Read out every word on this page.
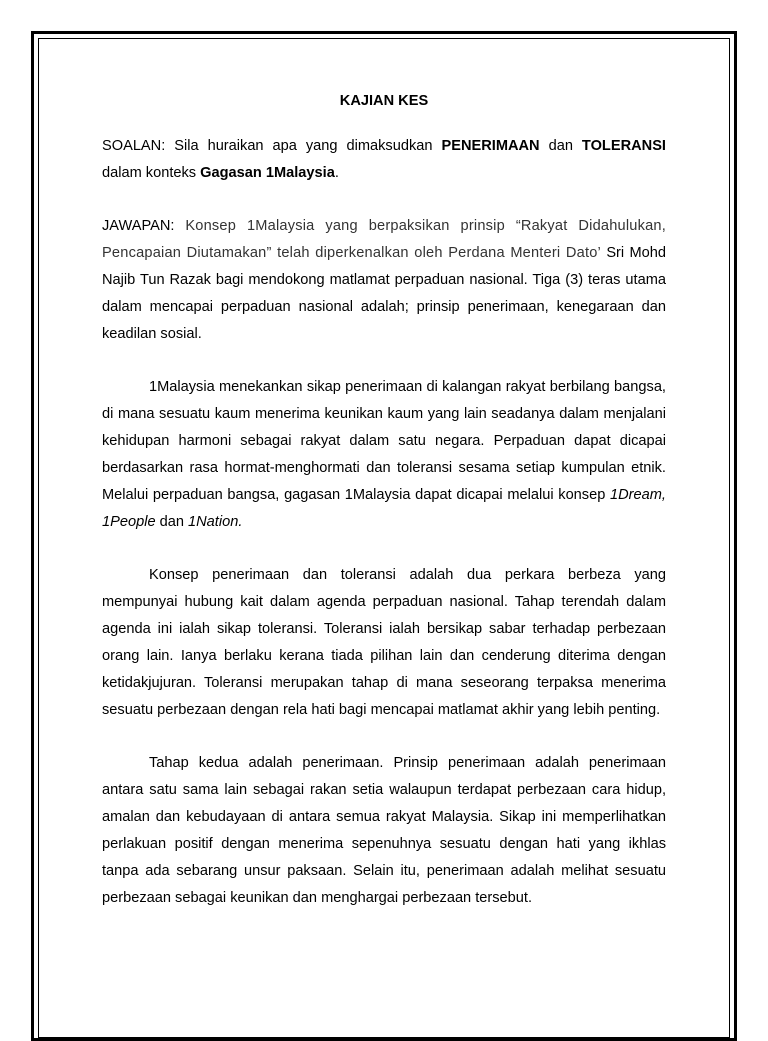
KAJIAN KES

SOALAN: Sila huraikan apa yang dimaksudkan PENERIMAAN dan TOLERANSI dalam konteks Gagasan 1Malaysia.

JAWAPAN: Konsep 1Malaysia yang berpaksikan prinsip “Rakyat Didahulukan, Pencapaian Diutamakan” telah diperkenalkan oleh Perdana Menteri Dato’ Sri Mohd Najib Tun Razak bagi mendokong matlamat perpaduan nasional. Tiga (3) teras utama dalam mencapai perpaduan nasional adalah; prinsip penerimaan, kenegaraan dan keadilan sosial.

1Malaysia menekankan sikap penerimaan di kalangan rakyat berbilang bangsa, di mana sesuatu kaum menerima keunikan kaum yang lain seadanya dalam menjalani kehidupan harmoni sebagai rakyat dalam satu negara. Perpaduan dapat dicapai berdasarkan rasa hormat-menghormati dan toleransi sesama setiap kumpulan etnik. Melalui perpaduan bangsa, gagasan 1Malaysia dapat dicapai melalui konsep 1Dream, 1People dan 1Nation.

Konsep penerimaan dan toleransi adalah dua perkara berbeza yang mempunyai hubung kait dalam agenda perpaduan nasional. Tahap terendah dalam agenda ini ialah sikap toleransi. Toleransi ialah bersikap sabar terhadap perbezaan orang lain. Ianya berlaku kerana tiada pilihan lain dan cenderung diterima dengan ketidakjujuran. Toleransi merupakan tahap di mana seseorang terpaksa menerima sesuatu perbezaan dengan rela hati bagi mencapai matlamat akhir yang lebih penting.

Tahap kedua adalah penerimaan. Prinsip penerimaan adalah penerimaan antara satu sama lain sebagai rakan setia walaupun terdapat perbezaan cara hidup, amalan dan kebudayaan di antara semua rakyat Malaysia. Sikap ini memperlihatkan perlakuan positif dengan menerima sepenuhnya sesuatu dengan hati yang ikhlas tanpa ada sebarang unsur paksaan. Selain itu, penerimaan adalah melihat sesuatu perbezaan sebagai keunikan dan menghargai perbezaan tersebut.
